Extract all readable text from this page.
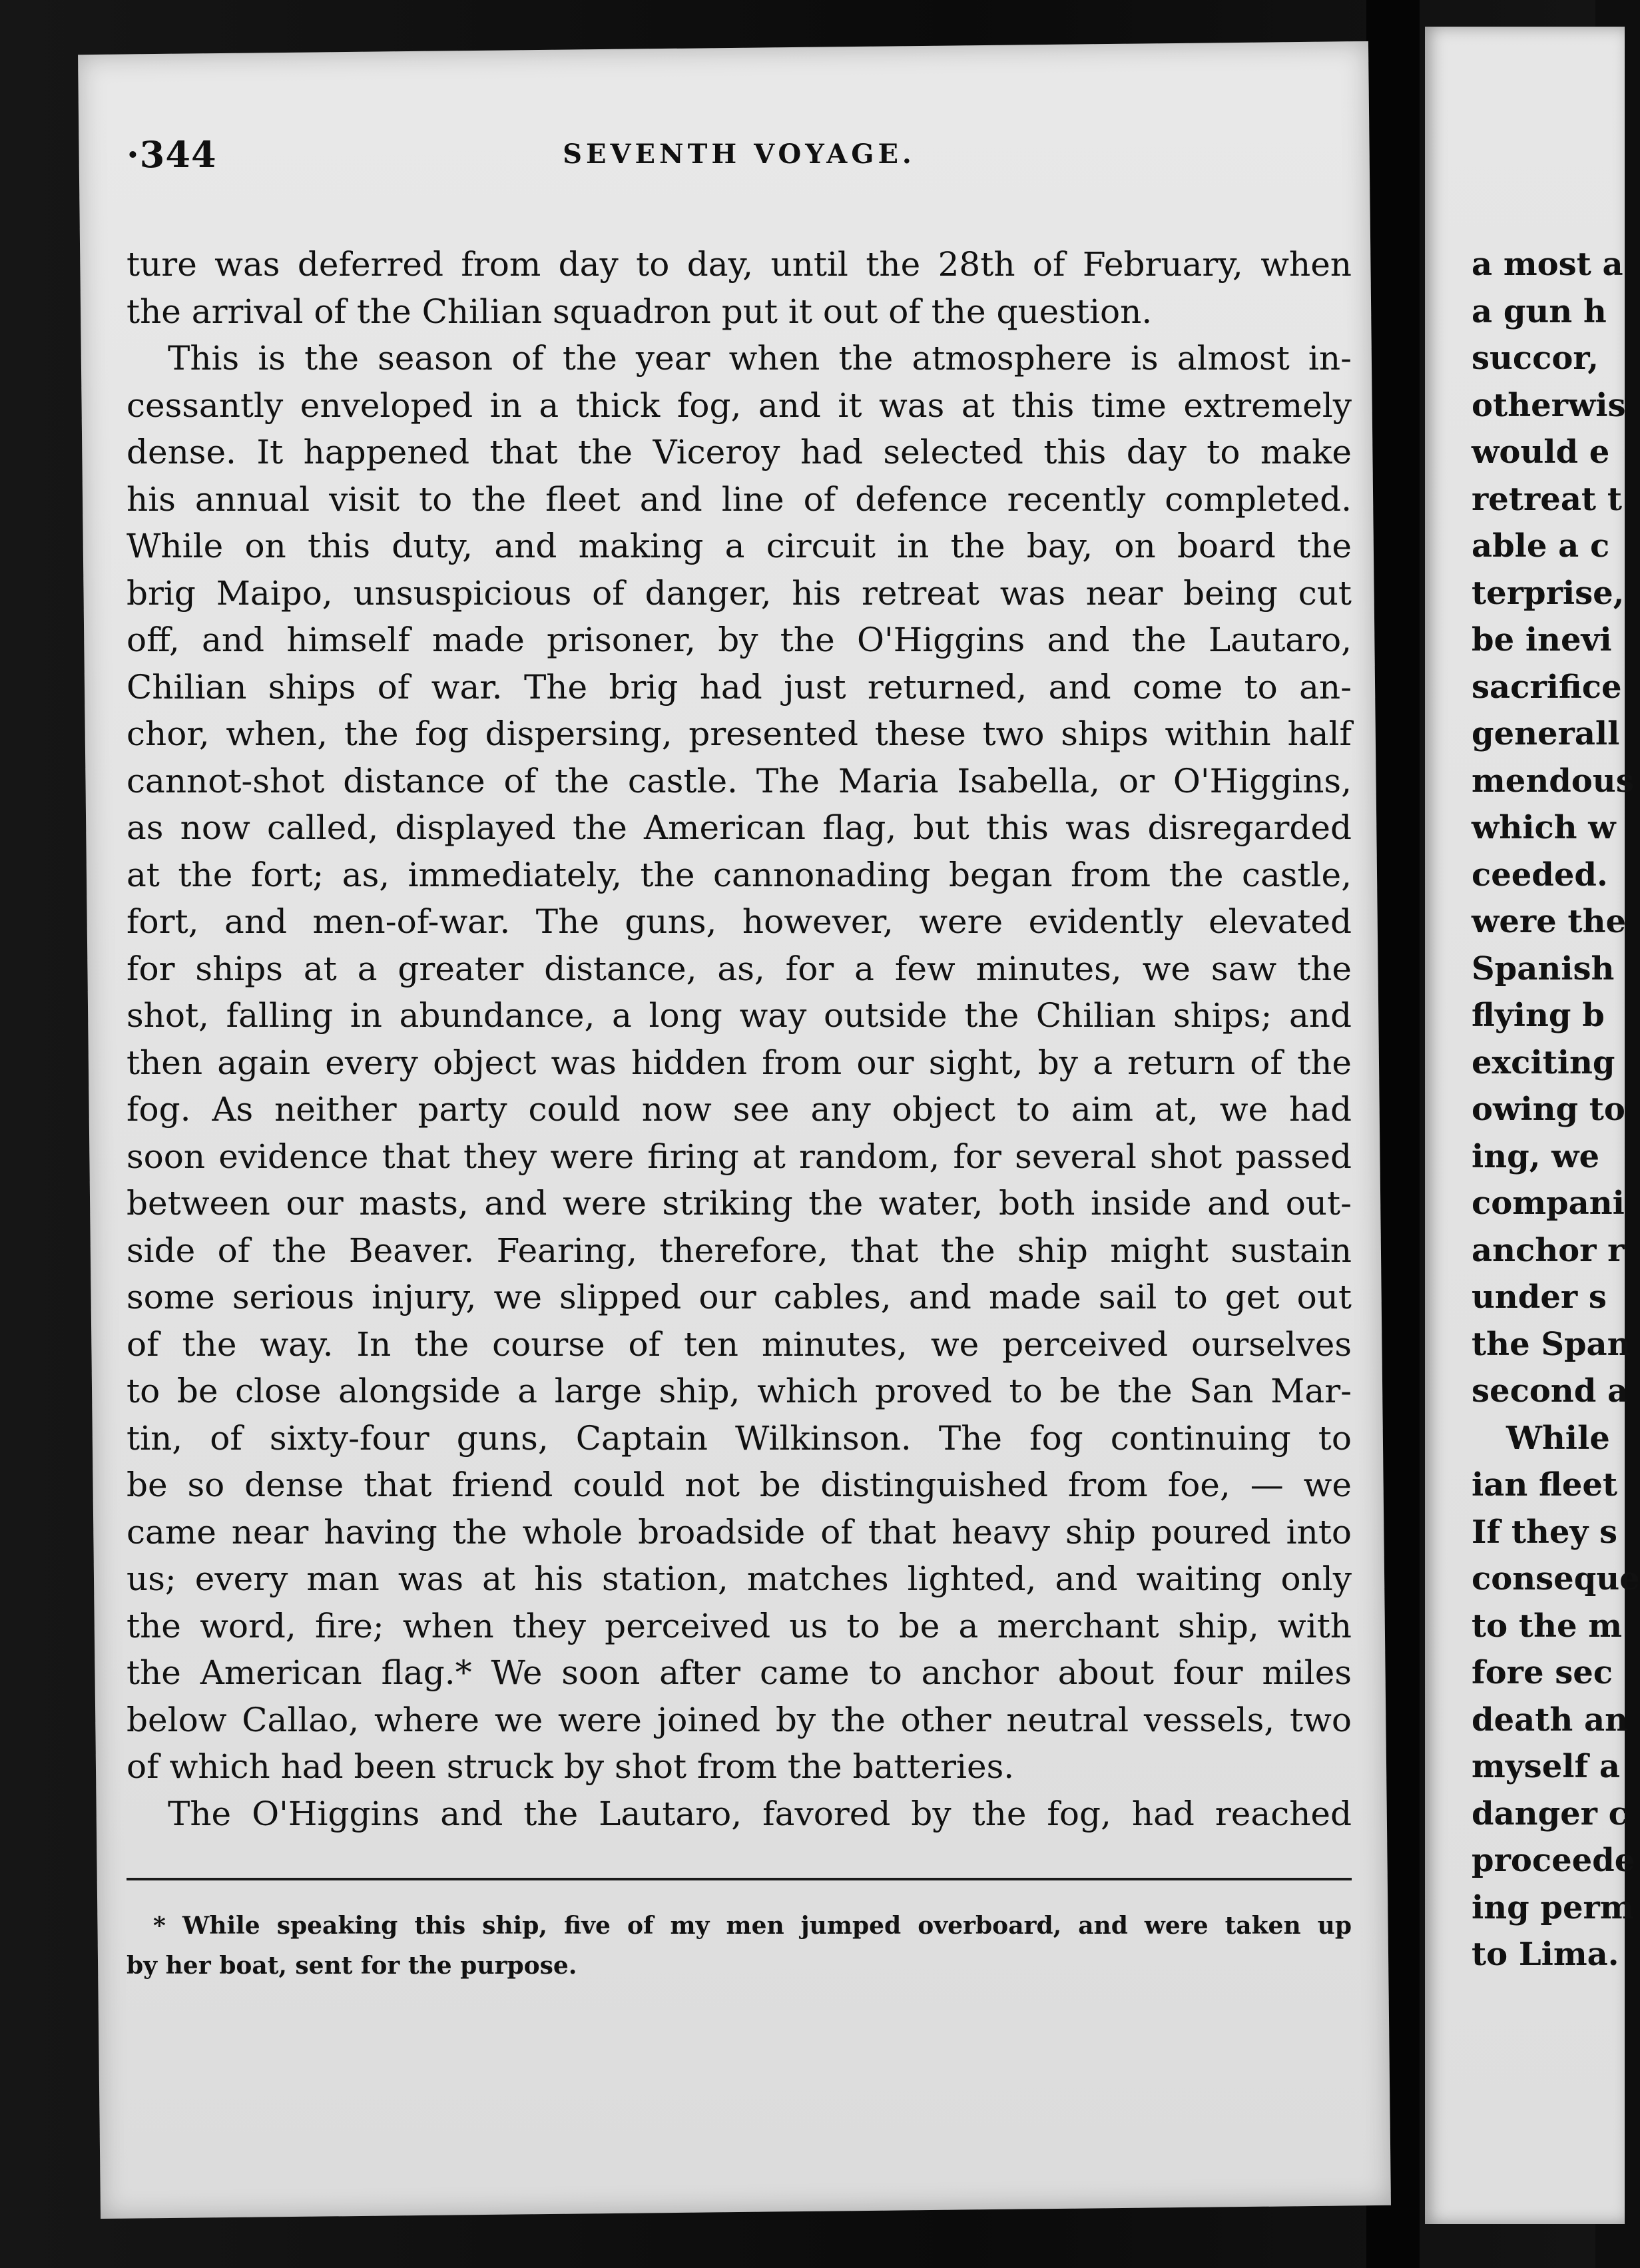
·344	SEVENTH VOYAGE.
ture was deferred from day to day, until the 28th of February, when
the arrival of the Chilian squadron put it out of the question.
This is the season of the year when the atmosphere is almost in-
cessantly enveloped in a thick fog, and it was at this time extremely
dense. It happened that the Viceroy had selected this day to make
his annual visit to the fleet and line of defence recently completed.
While on this duty, and making a circuit in the bay, on board the
brig Maipo, unsuspicious of danger, his retreat was near being cut
off, and himself made prisoner, by the O'Higgins and the Lautaro,
Chilian ships of war. The brig had just returned, and come to an-
chor, when, the fog dispersing, presented these two ships within half
cannot-shot distance of the castle. The Maria Isabella, or O'Higgins,
as now called, displayed the American flag, but this was disregarded
at the fort; as, immediately, the cannonading began from the castle,
fort, and men-of-war. The guns, however, were evidently elevated
for ships at a greater distance, as, for a few minutes, we saw the
shot, falling in abundance, a long way outside the Chilian ships; and
then again every object was hidden from our sight, by a return of the
fog. As neither party could now see any object to aim at, we had
soon evidence that they were firing at random, for several shot passed
between our masts, and were striking the water, both inside and out-
side of the Beaver. Fearing, therefore, that the ship might sustain
some serious injury, we slipped our cables, and made sail to get out
of the way. In the course of ten minutes, we perceived ourselves
to be close alongside a large ship, which proved to be the San Mar-
tin, of sixty-four guns, Captain Wilkinson. The fog continuing to
be so dense that friend could not be distinguished from foe, — we
came near having the whole broadside of that heavy ship poured into
us; every man was at his station, matches lighted, and waiting only
the word, fire; when they perceived us to be a merchant ship, with
the American flag.* We soon after came to anchor about four miles
below Callao, where we were joined by the other neutral vessels, two
of which had been struck by shot from the batteries.
The O'Higgins and the Lautaro, favored by the fog, had reached
* While speaking this ship, five of my men jumped overboard, and were taken up
by her boat, sent for the purpose.
a most a
a gun h
succor,
otherwis
would e
retreat t
able a c
terprise,
be inevi
sacrifice
generall
mendous
which w
ceeded.
were the
Spanish
flying b
exciting
owing to
ing, we
compani
anchor r
under s
the Span
second a
While
ian fleet
If they s
conseque
to the m
fore sec
death an
myself a
danger c
proceede
ing perm
to Lima.
